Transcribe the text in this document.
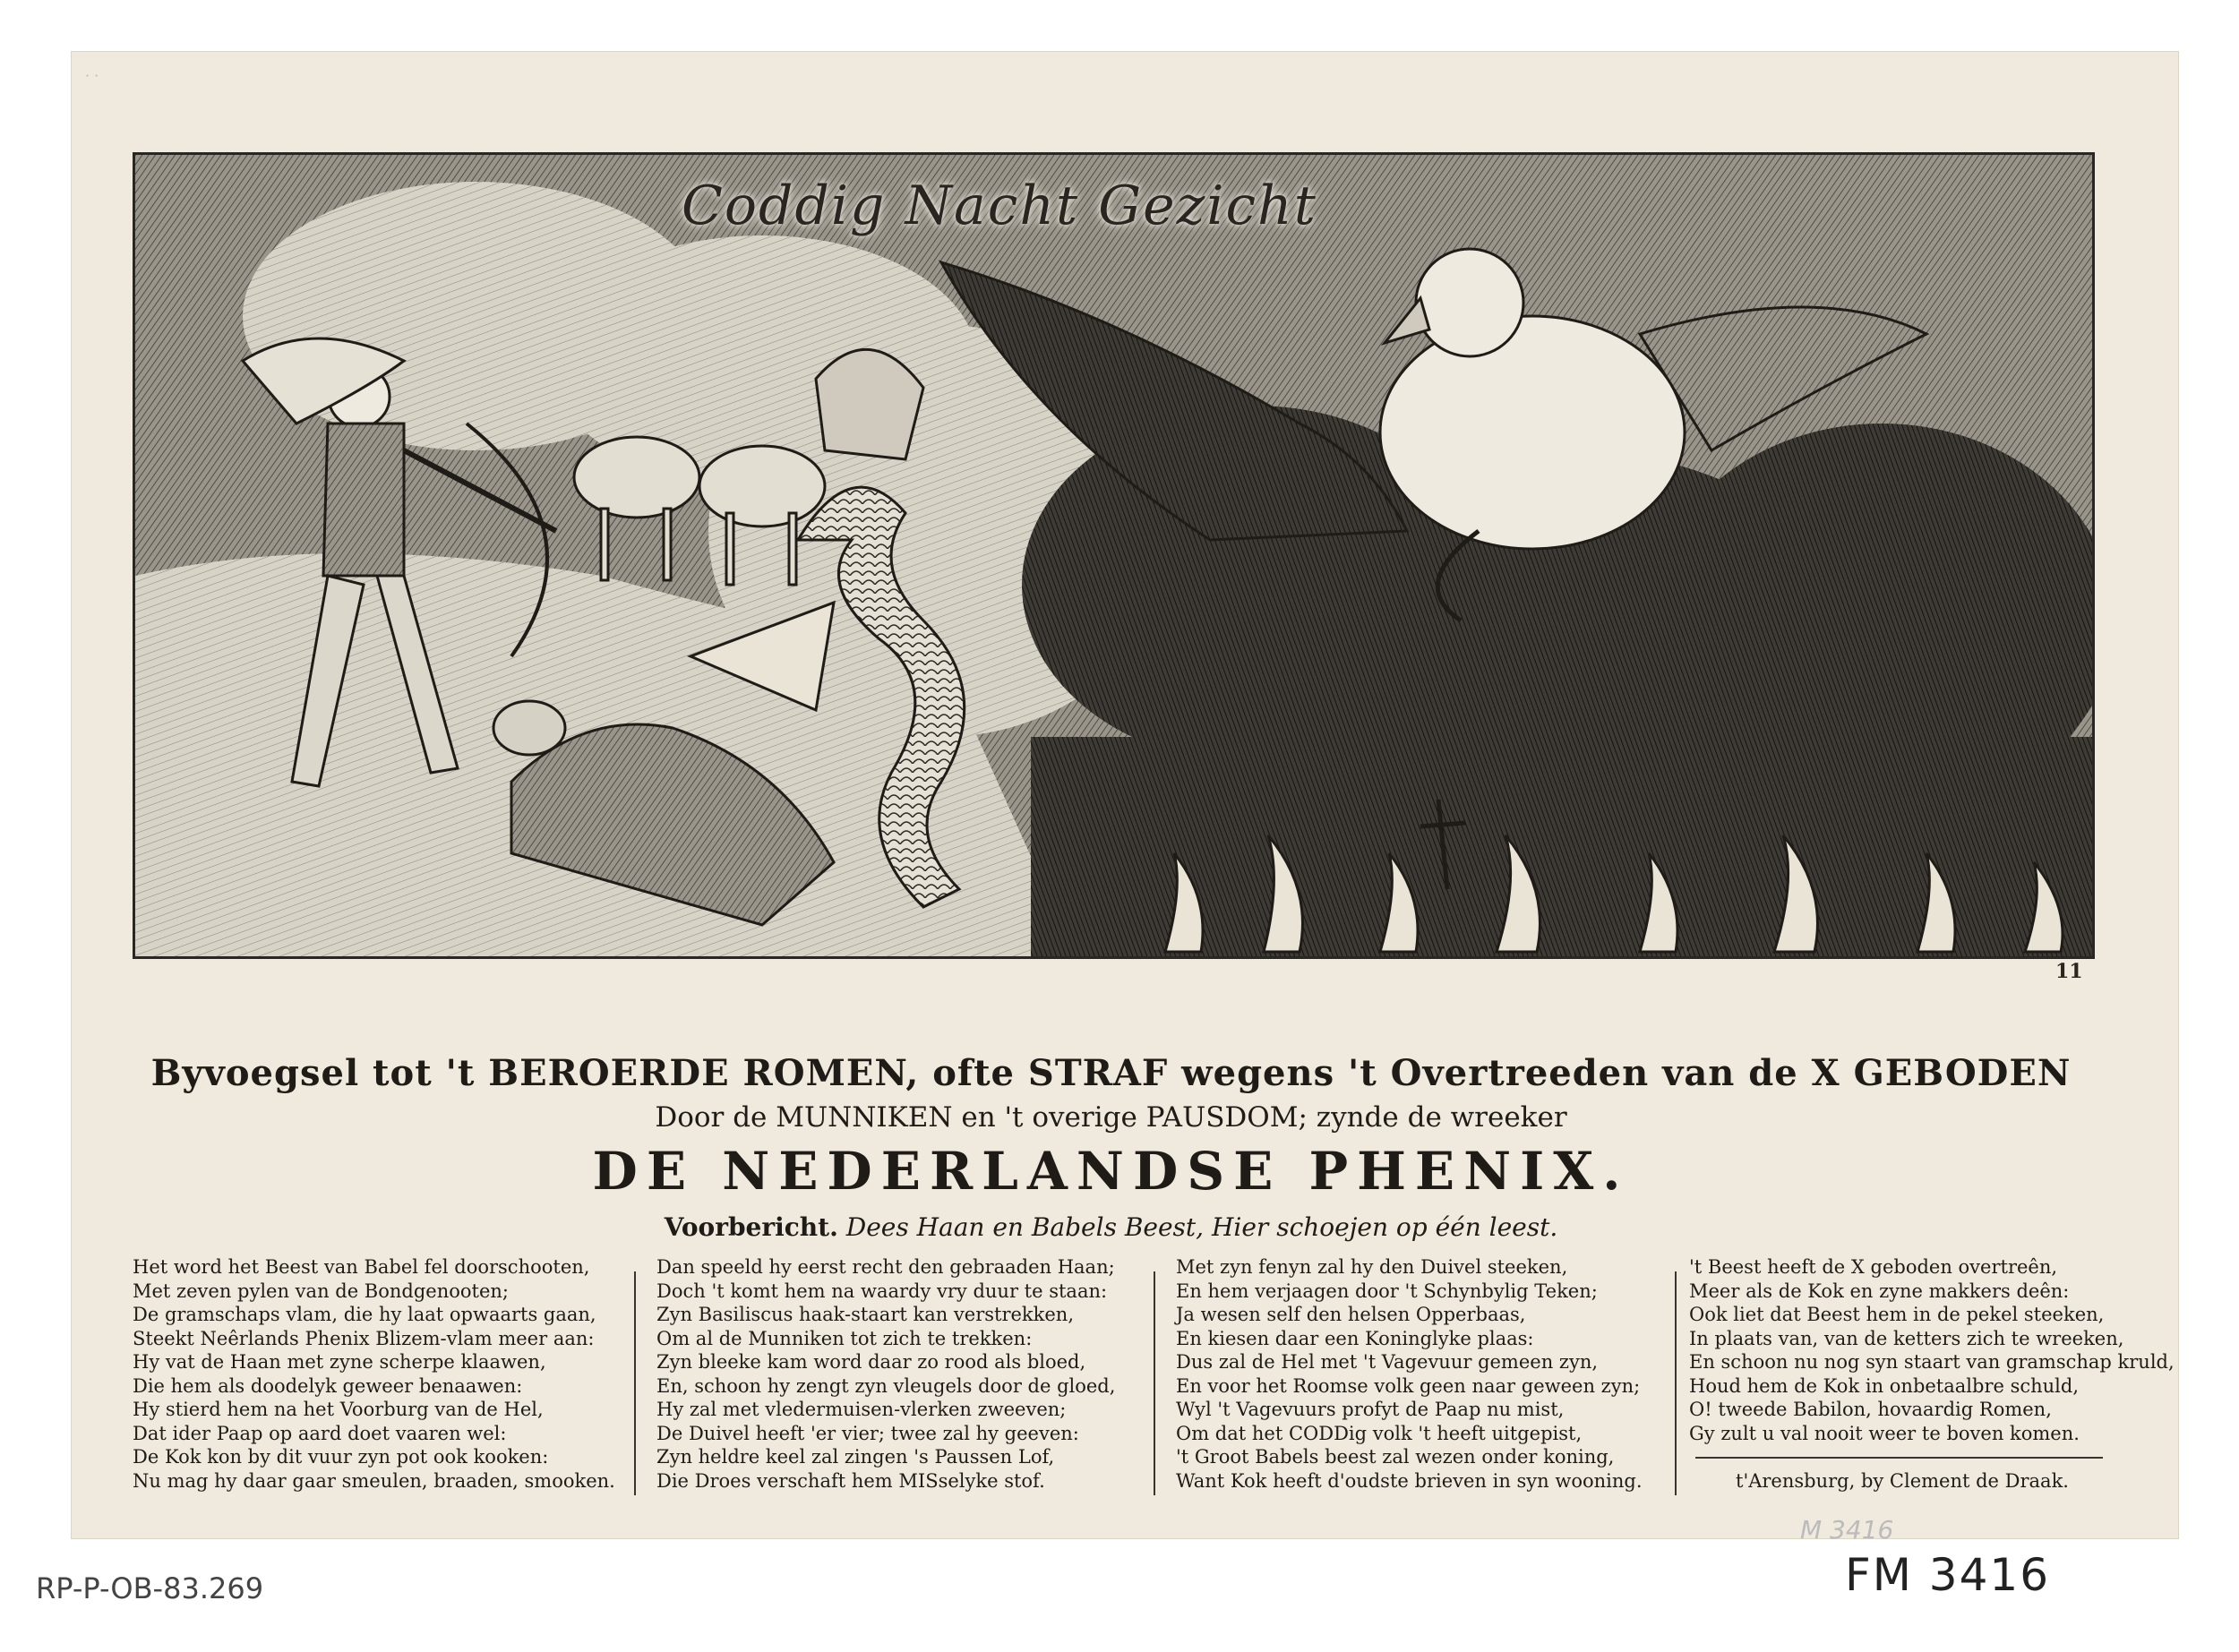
· ·
Coddig Nacht Gezicht
11
Byvoegsel tot 't BEROERDE ROMEN, ofte STRAF wegens 't Overtreeden van de X GEBODEN
Door de MUNNIKEN en 't overige PAUSDOM; zynde de wreeker
DE NEDERLANDSE PHENIX.
Voorbericht. Dees Haan en Babels Beest, Hier schoejen op één leest.
Het word het Beest van Babel fel doorschooten,
Met zeven pylen van de Bondgenooten;
De gramschaps vlam, die hy laat opwaarts gaan,
Steekt Neêrlands Phenix Blizem-vlam meer aan:
Hy vat de Haan met zyne scherpe klaawen,
Die hem als doodelyk geweer benaawen:
Hy stierd hem na het Voorburg van de Hel,
Dat ider Paap op aard doet vaaren wel:
De Kok kon by dit vuur zyn pot ook kooken:
Nu mag hy daar gaar smeulen, braaden, smooken.
Dan speeld hy eerst recht den gebraaden Haan;
Doch 't komt hem na waardy vry duur te staan:
Zyn Basiliscus haak-staart kan verstrekken,
Om al de Munniken tot zich te trekken:
Zyn bleeke kam word daar zo rood als bloed,
En, schoon hy zengt zyn vleugels door de gloed,
Hy zal met vledermuisen-vlerken zweeven;
De Duivel heeft 'er vier; twee zal hy geeven:
Zyn heldre keel zal zingen 's Paussen Lof,
Die Droes verschaft hem MISselyke stof.
Met zyn fenyn zal hy den Duivel steeken,
En hem verjaagen door 't Schynbylig Teken;
Ja wesen self den helsen Opperbaas,
En kiesen daar een Koninglyke plaas:
Dus zal de Hel met 't Vagevuur gemeen zyn,
En voor het Roomse volk geen naar geween zyn;
Wyl 't Vagevuurs profyt de Paap nu mist,
Om dat het CODDig volk 't heeft uitgepist,
't Groot Babels beest zal wezen onder koning,
Want Kok heeft d'oudste brieven in syn wooning.
't Beest heeft de X geboden overtreên,
Meer als de Kok en zyne makkers deên:
Ook liet dat Beest hem in de pekel steeken,
In plaats van, van de ketters zich te wreeken,
En schoon nu nog syn staart van gramschap kruld,
Houd hem de Kok in onbetaalbre schuld,
O! tweede Babilon, hovaardig Romen,
Gy zult u val nooit weer te boven komen.
t'Arensburg, by Clement de Draak.
M 3416
RP-P-OB-83.269	FM 3416
